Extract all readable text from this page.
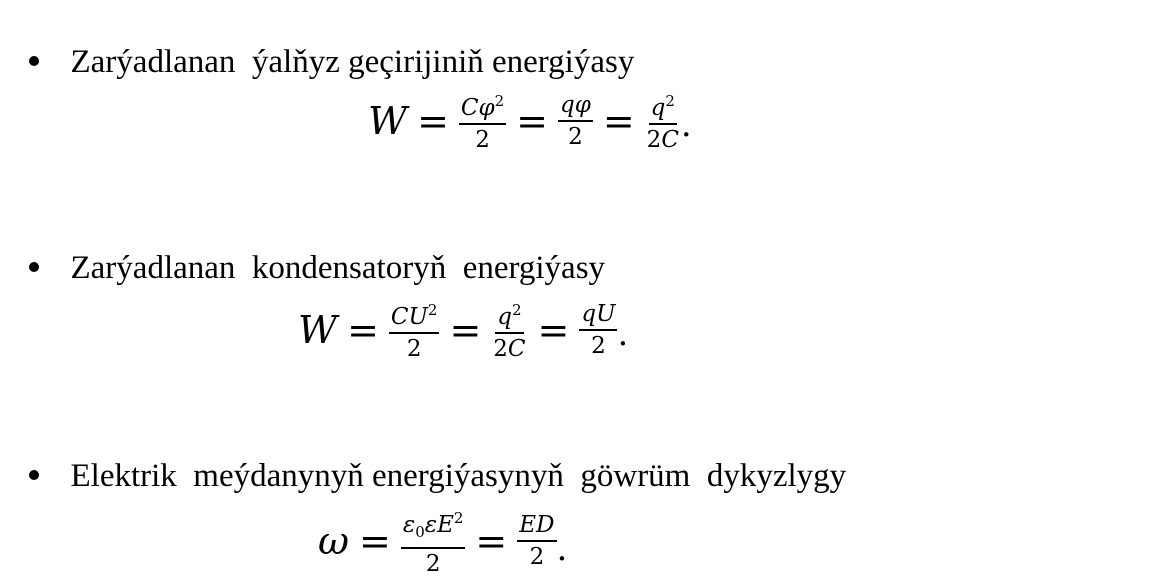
Zarýadlanan  ýalňyz geçirijiniň energiýasy

$W = \frac{C\varphi^2}{2} = \frac{q\varphi}{2} = \frac{q^2}{2C}$ .

Zarýadlanan  kondensatoryň  energiýasy

$W = \frac{CU^2}{2} = \frac{q^2}{2C} = \frac{qU}{2}$ .

Elektrik  meýdanynyň energiýasynyň  göwrüm  dykyzlygy

$\omega = \frac{\varepsilon_0\varepsilon E^2}{2} = \frac{ED}{2}$ .
